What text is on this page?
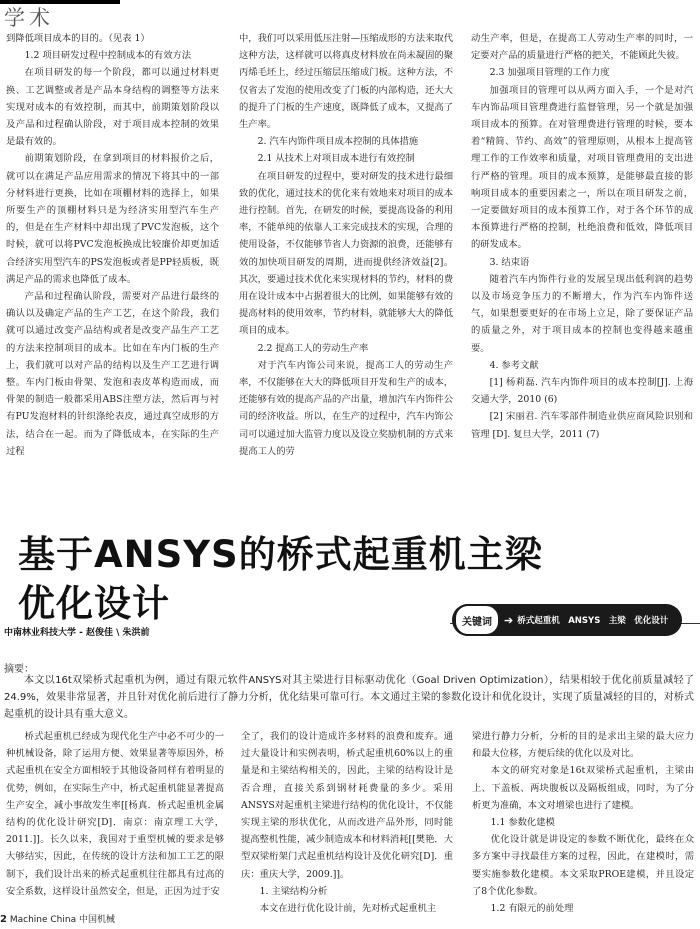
学术

到降低项目成本的目的。（见表 1）

1.2 项目研发过程中控制成本的有效方法

在项目研发的每一个阶段，都可以通过材料更换、工艺调整或者是产品本身结构的调整等方法来实现对成本的有效控制，而其中，前期策划阶段以及产品和过程确认阶段，对于项目成本控制的效果是最有效的。

前期策划阶段，在拿到项目的材料报价之后，就可以在满足产品应用需求的情况下将其中的一部分材料进行更换，比如在项棚材料的选择上，如果所要生产的顶棚材料只是为经济实用型汽车生产的，但是在生产材料中却出现了PVC发泡板，这个时候，就可以将PVC发泡板换成比较廉价却更加适合经济实用型汽车的PS发泡板或者是PP轻质板，既满足产品的需求也降低了成本。

产品和过程确认阶段，需要对产品进行最终的确认以及确定产品的生产工艺，在这个阶段，我们就可以通过改变产品结构或者是改变产品生产工艺的方法来控制项目的成本。比如在车内门板的生产上，我们就可以对产品的结构以及生产工艺进行调整。车内门板由骨架、发泡和表皮革构造而成，而骨架的制造一般都采用ABS注塑方法，然后再与衬有PU发泡材料的针织涤纶表皮，通过真空成形的方法，结合在一起。而为了降低成本，在实际的生产过程

中，我们可以采用低压注射—压缩成形的方法来取代这种方法，这样就可以将真皮材料放在尚未凝固的聚丙烯毛坯上，经过压缩层压缩成门板。这种方法，不仅省去了发泡的使用改变了门板的内部构造，还大大的提升了门板的生产速度，既降低了成本，又提高了生产率。

2. 汽车内饰件项目成本控制的具体措施

2.1 从技术上对项目成本进行有效控制

在项目研发的过程中，要对研发的技术进行最细致的优化，通过技术的优化来有效地来对项目的成本进行控制。首先，在研发的时候，要提高设备的利用率，不能单纯的依靠人工来完成技术的实现，合理的使用设备，不仅能够节省人力资源的浪费，还能够有效的加快项目研发的周期，进而提供经济效益[2]。其次，要通过技术优化来实现材料的节约，材料的费用在设计成本中占据着很大的比例，如果能够有效的提高材料的使用效率，节约材料，就能够大大的降低项目的成本。

2.2 提高工人的劳动生产率

对于汽车内饰公司来说，提高工人的劳动生产率，不仅能够在大大的降低项目开发和生产的成本，还能够有效的提高产品的产出量，增加汽车内饰件公司的经济收益。所以，在生产的过程中，汽车内饰公司可以通过加大监管力度以及设立奖励机制的方式来提高工人的劳

动生产率，但是，在提高工人劳动生产率的同时，一定要对产品的质量进行严格的把关，不能顾此失彼。

2.3 加强项目管理的工作力度

加强项目的管理可以从两方面入手，一个是对汽车内饰品项目管理费进行监督管理，另一个就是加强项目成本的预算。在对管理费进行管理的时候，要本着“精简、节约、高效”的管理原则，从根本上提高管理工作的工作效率和质量，对项目管理费用的支出进行严格的管理。项目的成本预算，是能够最直接的影响项目成本的重要因素之一，所以在项目研发之前，一定要做好项目的成本预算工作，对于各个环节的成本预算进行严格的控制，杜绝浪费和低效，降低项目的研发成本。

3. 结束语

随着汽车内饰件行业的发展呈现出低利润的趋势以及市场竞争压力的不断增大，作为汽车内饰件送气，如果想要更好的在市场上立足，除了要保证产品的质量之外，对于项目成本的控制也变得越来越重要。

4. 参考文献

[1] 杨莉磊. 汽车内饰件项目的成本控制[J]. 上海交通大学，2010 (6)

[2] 宋丽君. 汽车零部件制造业供应商风险识别和管理 [D]. 复旦大学，2011 (7)

基于ANSYS的桥式起重机主梁
优化设计
中南林业科技大学 - 赵俊佳 \ 朱洪前
关键词	➔ 桥式起重机　ANSYS　主梁　优化设计
摘要：
本文以16t双梁桥式起重机为例，通过有限元软件ANSYS对其主梁进行目标驱动优化（Goal Driven Optimization），结果相较于优化前质量减轻了24.9%，效果非常显著，并且针对优化前后进行了静力分析，优化结果可靠可行。本文通过主梁的参数化设计和优化设计，实现了质量减轻的目的，对桥式起重机的设计具有重大意义。

桥式起重机已经成为现代化生产中必不可少的一种机械设备，除了运用方便、效果显著等原因外，桥式起重机在安全方面相较于其他设备同样有着明显的优势，例如，在实际生产中，桥式起重机能显著提高生产安全，减小事故发生率[[杨真．桥式起重机金属结构的优化设计研究[D]．南京：南京理工大学，2011.]]。长久以来，我国对于重型机械的要求是够大够结实，因此，在传统的设计方法和加工工艺的限制下，我们设计出来的桥式起重机往往都具有过高的安全系数，这样设计虽然安全，但是，正因为过于安

全了，我们的设计造成许多材料的浪费和废弃。通过大量设计和实例表明，桥式起重机60%以上的重量是和主梁结构相关的，因此，主梁的结构设计是否合理，直接关系到钢材耗费量的多少。采用ANSYS对起重机主梁进行结构的优化设计，不仅能实现主梁的形状优化，从而改进产品外形，同时能提高整机性能，减少制造成本和材料消耗[[樊艳．大型双梁桁架门式起重机结构设计及优化研究[D]．重庆：重庆大学，2009.]]。

1. 主梁结构分析

本文在进行优化设计前，先对桥式起重机主

梁进行静力分析，分析的目的是求出主梁的最大应力和最大位移，方便后续的优化以及对比。

本文的研究对象是16t双梁桥式起重机，主梁由上、下盖板、两块腹板以及隔板组成，同时，为了分析更为准确，本文对增梁也进行了建模。

1.1 参数化建模

优化设计就是讲设定的参数不断优化，最终在众多方案中寻找最佳方案的过程，因此，在建模时，需要实施参数化建模。本文采取PROE建模，并且设定了8个优化参数。

1.2 有限元的前处理

2 Machine China 中国机械
